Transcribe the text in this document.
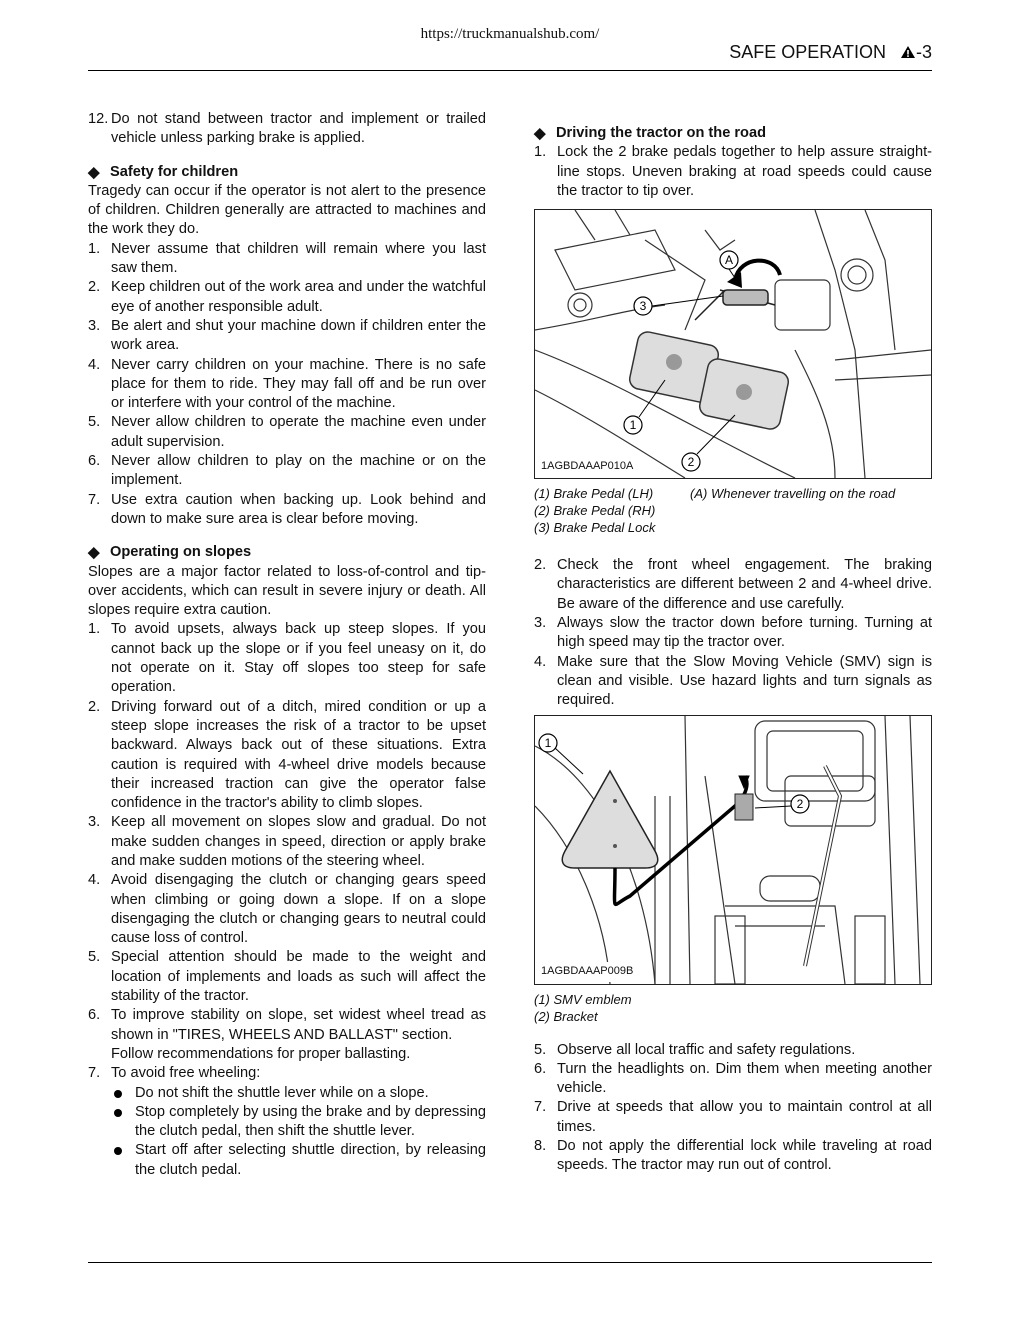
https://truckmanualshub.com/
SAFE OPERATION -3
12. Do not stand between tractor and implement or trailed vehicle unless parking brake is applied.

◆ Safety for children

Tragedy can occur if the operator is not alert to the presence of children. Children generally are attracted to machines and the work they do.

1. Never assume that children will remain where you last saw them.
2. Keep children out of the work area and under the watchful eye of another responsible adult.
3. Be alert and shut your machine down if children enter the work area.
4. Never carry children on your machine. There is no safe place for them to ride. They may fall off and be run over or interfere with your control of the machine.
5. Never allow children to operate the machine even under adult supervision.
6. Never allow children to play on the machine or on the implement.
7. Use extra caution when backing up. Look behind and down to make sure area is clear before moving.

◆ Operating on slopes

Slopes are a major factor related to loss-of-control and tip-over accidents, which can result in severe injury or death. All slopes require extra caution.

1. To avoid upsets, always back up steep slopes. If you cannot back up the slope or if you feel uneasy on it, do not operate on it. Stay off slopes too steep for safe operation.
2. Driving forward out of a ditch, mired condition or up a steep slope increases the risk of a tractor to be upset backward. Always back out of these situations. Extra caution is required with 4-wheel drive models because their increased traction can give the operator false confidence in the tractor's ability to climb slopes.
3. Keep all movement on slopes slow and gradual. Do not make sudden changes in speed, direction or apply brake and make sudden motions of the steering wheel.
4. Avoid disengaging the clutch or changing gears speed when climbing or going down a slope. If on a slope disengaging the clutch or changing gears to neutral could cause loss of control.
5. Special attention should be made to the weight and location of implements and loads as such will affect the stability of the tractor.
6. To improve stability on slope, set widest wheel tread as shown in "TIRES, WHEELS AND BALLAST" section.
Follow recommendations for proper ballasting.
7. To avoid free wheeling:
Do not shift the shuttle lever while on a slope.
Stop completely by using the brake and by depressing the clutch pedal, then shift the shuttle lever.
Start off after selecting shuttle direction, by releasing the clutch pedal.

◆ Driving the tractor on the road

1. Lock the 2 brake pedals together to help assure straight-line stops. Uneven braking at road speeds could cause the tractor to tip over.
A
3
1
2
1AGBDAAAP010A
(1) Brake Pedal (LH)
(2) Brake Pedal (RH)
(3) Brake Pedal Lock
(A) Whenever travelling on the road
2. Check the front wheel engagement. The braking characteristics are different between 2 and 4-wheel drive. Be aware of the difference and use carefully.
3. Always slow the tractor down before turning. Turning at high speed may tip the tractor over.
4. Make sure that the Slow Moving Vehicle (SMV) sign is clean and visible. Use hazard lights and turn signals as required.
1
2
1AGBDAAAP009B
(1) SMV emblem
(2) Bracket
5. Observe all local traffic and safety regulations.
6. Turn the headlights on. Dim them when meeting another vehicle.
7. Drive at speeds that allow you to maintain control at all times.
8. Do not apply the differential lock while traveling at road speeds. The tractor may run out of control.
